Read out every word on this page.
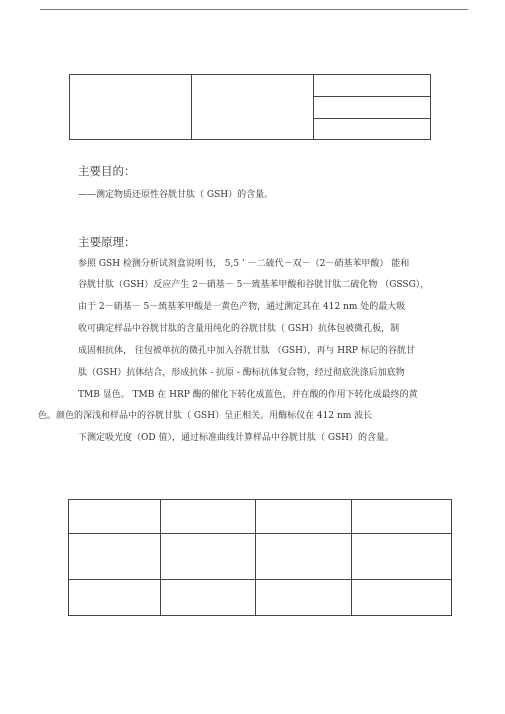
主要目的：
——测定物质还原性谷胱甘肽（ GSH）的含量。
主要原理：
参照 GSH 检测分析试剂盒说明书， 5,5 ’ －二硫代－双－（2－硝基苯甲酸） 能和
谷胱甘肽（GSH）反应产生 2－硝基－ 5－巯基苯甲酸和谷胱甘肽二硫化物 （GSSG），
由于 2－硝基－ 5－巯基苯甲酸是一黄色产物，通过测定其在 412 nm 处的最大吸
收可确定样品中谷胱甘肽的含量用纯化的谷胱甘肽（ GSH）抗体包被微孔板，制
成固相抗体， 往包被单抗的微孔中加入谷胱甘肽 （GSH），再与 HRP 标记的谷胱甘
肽（GSH）抗体结合，形成抗体 - 抗原 - 酶标抗体复合物，经过彻底洗涤后加底物
TMB 显色。 TMB 在 HRP 酶的催化下转化成蓝色，并在酸的作用下转化成最终的黄
色。颜色的深浅和样品中的谷胱甘肽（ GSH）呈正相关。用酶标仪在 412 nm 波长
下测定吸光度（OD 值），通过标准曲线计算样品中谷胱甘肽（ GSH）的含量。
